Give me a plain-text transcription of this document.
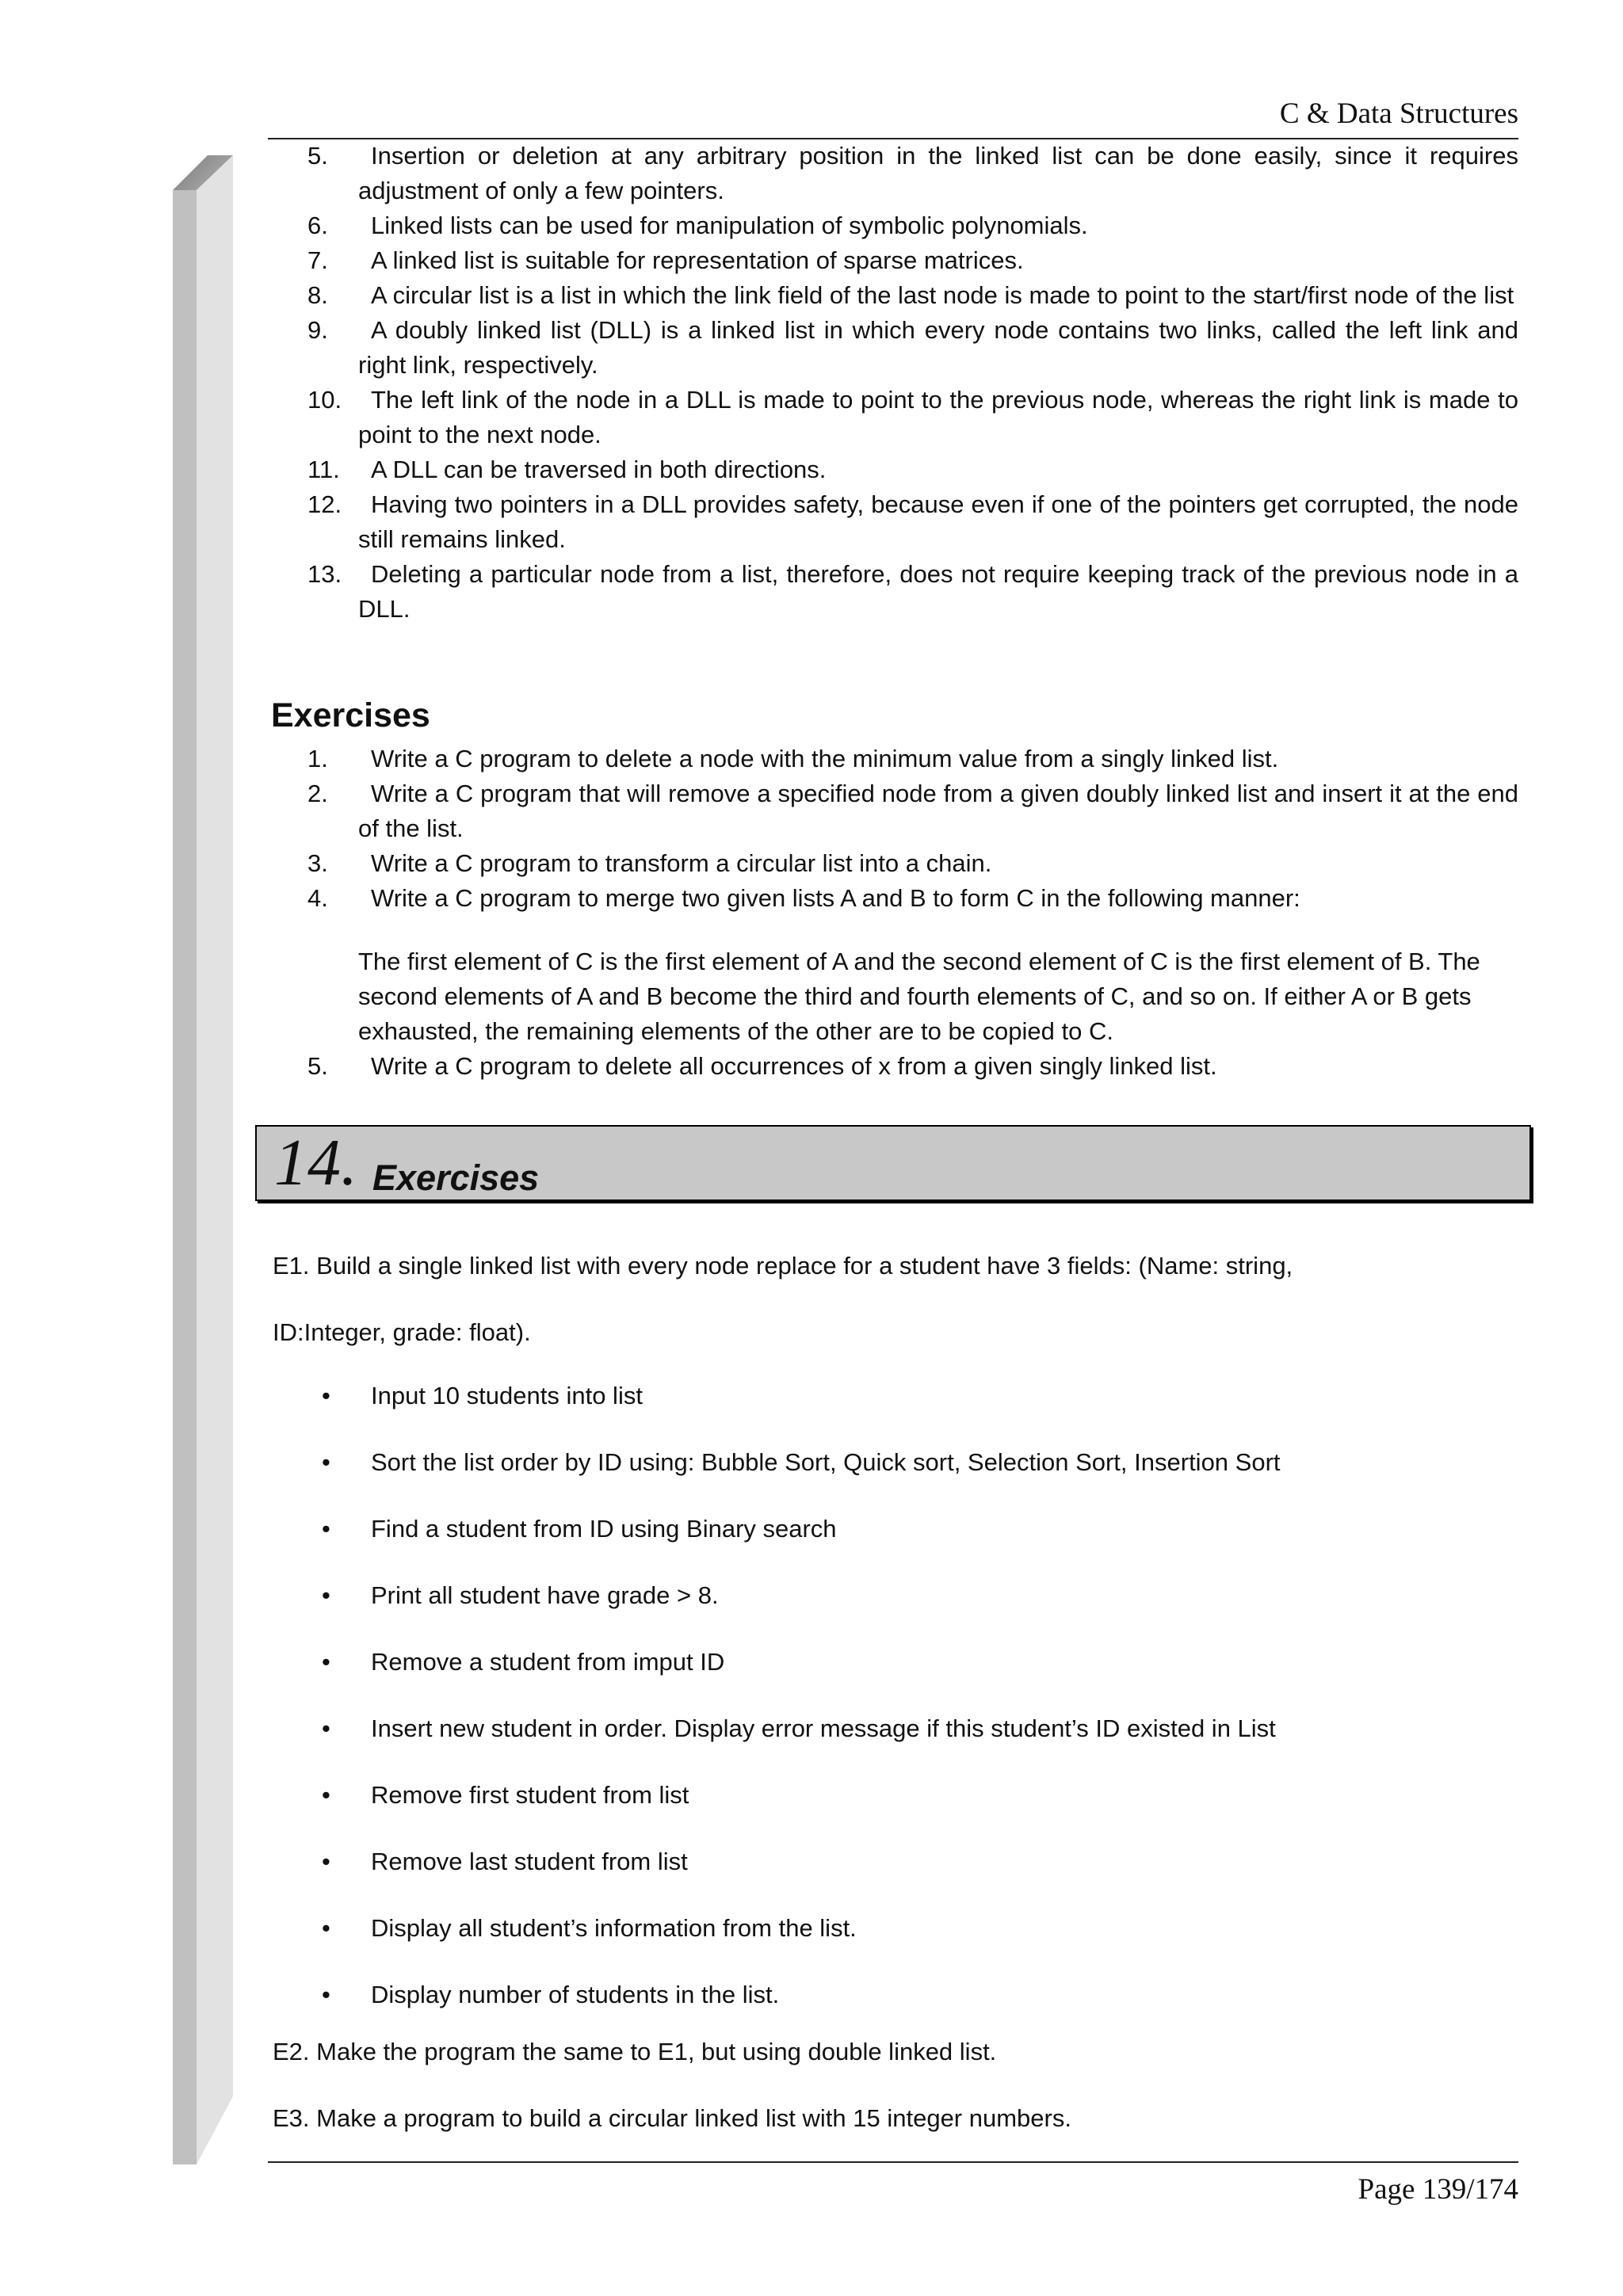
C & Data Structures
5. Insertion or deletion at any arbitrary position in the linked list can be done easily, since it requires adjustment of only a few pointers.
6. Linked lists can be used for manipulation of symbolic polynomials.
7. A linked list is suitable for representation of sparse matrices.
8. A circular list is a list in which the link field of the last node is made to point to the start/first node of the list
9. A doubly linked list (DLL) is a linked list in which every node contains two links, called the left link and right link, respectively.
10. The left link of the node in a DLL is made to point to the previous node, whereas the right link is made to point to the next node.
11. A DLL can be traversed in both directions.
12. Having two pointers in a DLL provides safety, because even if one of the pointers get corrupted, the node still remains linked.
13. Deleting a particular node from a list, therefore, does not require keeping track of the previous node in a DLL.
Exercises
1. Write a C program to delete a node with the minimum value from a singly linked list.
2. Write a C program that will remove a specified node from a given doubly linked list and insert it at the end of the list.
3. Write a C program to transform a circular list into a chain.
4. Write a C program to merge two given lists A and B to form C in the following manner:

The first element of C is the first element of A and the second element of C is the first element of B. The second elements of A and B become the third and fourth elements of C, and so on. If either A or B gets exhausted, the remaining elements of the other are to be copied to C.

5. Write a C program to delete all occurrences of x from a given singly linked list.
14. Exercises

E1. Build a single linked list with every node replace for a student have 3 fields: (Name: string,

ID:Integer, grade: float).

• Input 10 students into list
• Sort the list order by ID using: Bubble Sort, Quick sort, Selection Sort, Insertion Sort
• Find a student from ID using Binary search
• Print all student have grade > 8.
• Remove a student from imput ID
• Insert new student in order. Display error message if this student’s ID existed in List
• Remove first student from list
• Remove last student from list
• Display all student’s information from the list.
• Display number of students in the list.

E2. Make the program the same to E1, but using double linked list.

E3. Make a program to build a circular linked list with 15 integer numbers.

Page 139/174
